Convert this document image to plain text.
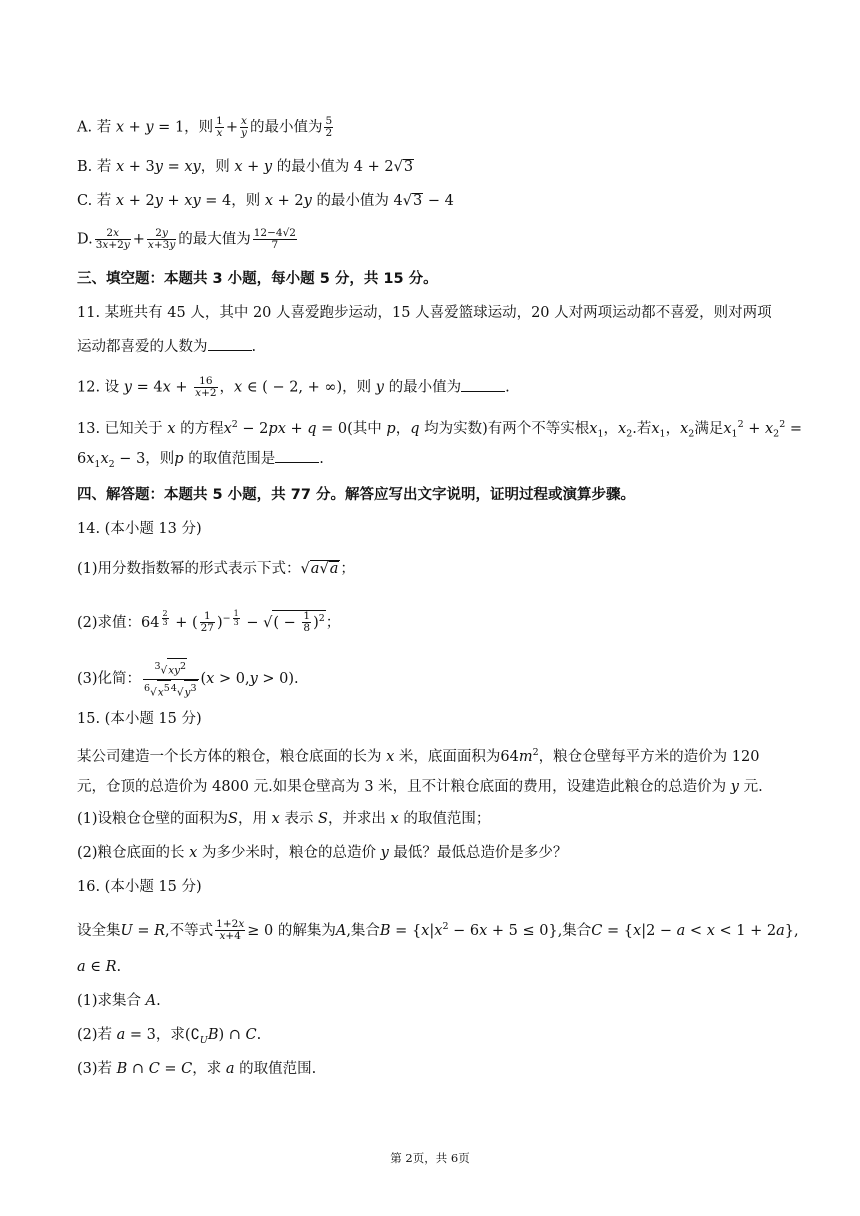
A. 若 x + y = 1，则 $\frac{1}{x} + \frac{x}{y}$ 的最小值为 $\frac{5}{2}$
B. 若 x + 3y = xy，则 x + y 的最小值为 4 + 2√3
C. 若 x + 2y + xy = 4，则 x + 2y 的最小值为 4√3 − 4
D. $\frac{2x}{3x+2y} + \frac{2y}{x+3y}$ 的最大值为 $\frac{12-4√2}{7}$
三、填空题：本题共 3 小题，每小题 5 分，共 15 分。
11. 某班共有 45 人，其中 20 人喜爱跑步运动，15 人喜爱篮球运动，20 人对两项运动都不喜爱，则对两项
运动都喜爱的人数为	.
12. 设 $y = 4x + \frac{16}{x+2}$ ，x ∈ ( − 2, + ∞)，则 y 的最小值为	.
13. 已知关于 x 的方程$x^2 - 2px + q = 0$(其中 p，q 均为实数)有两个不等实根$x_1$，$x_2$.若$x_1$，$x_2$满足$x_1^2 + x_2^2$ =
$6x_1x_2 - 3$，则p 的取值范围是	.
四、解答题：本题共 5 小题，共 77 分。解答应写出文字说明，证明过程或演算步骤。
14. (本小题 13 分)
(1)用分数指数幂的形式表示下式：√a√a ；
(2)求值：64 $^{\frac{2}{3}}$ + ( $\frac{1}{27} )^{- \frac{1}{3}}$ − √( − $\frac{1}{8} )^2$；
(3)化简： $\frac{^3√xy^2}{^6√x^{54}√y^3} (x > 0,y > 0)$.
15. (本小题 15 分)
某公司建造一个长方体的粮仓，粮仓底面的长为 x 米，底面面积为$64m^2$，粮仓仓壁每平方米的造价为 120
元，仓顶的总造价为 4800 元.如果仓壁高为 3 米，且不计粮仓底面的费用，设建造此粮仓的总造价为 y 元.
(1)设粮仓仓壁的面积为S，用 x 表示 S，并求出 x 的取值范围；
(2)粮仓底面的长 x 为多少米时，粮仓的总造价 y 最低？最低总造价是多少？
16. (本小题 15 分)
设全集U = R,不等式 $\frac{1+2x}{x+4} \ge 0$ 的解集为A,集合$B = \{x|x^2 - 6x + 5 \le 0\}$,集合C = {x|2 − a < x < 1 + 2a},
a ∈ R.
(1)求集合 A.
(2)若 a = 3，求$(∁_UB)$ ∩ C.
(3)若 B ∩ C = C，求 a 的取值范围.
第 2页，共 6页
